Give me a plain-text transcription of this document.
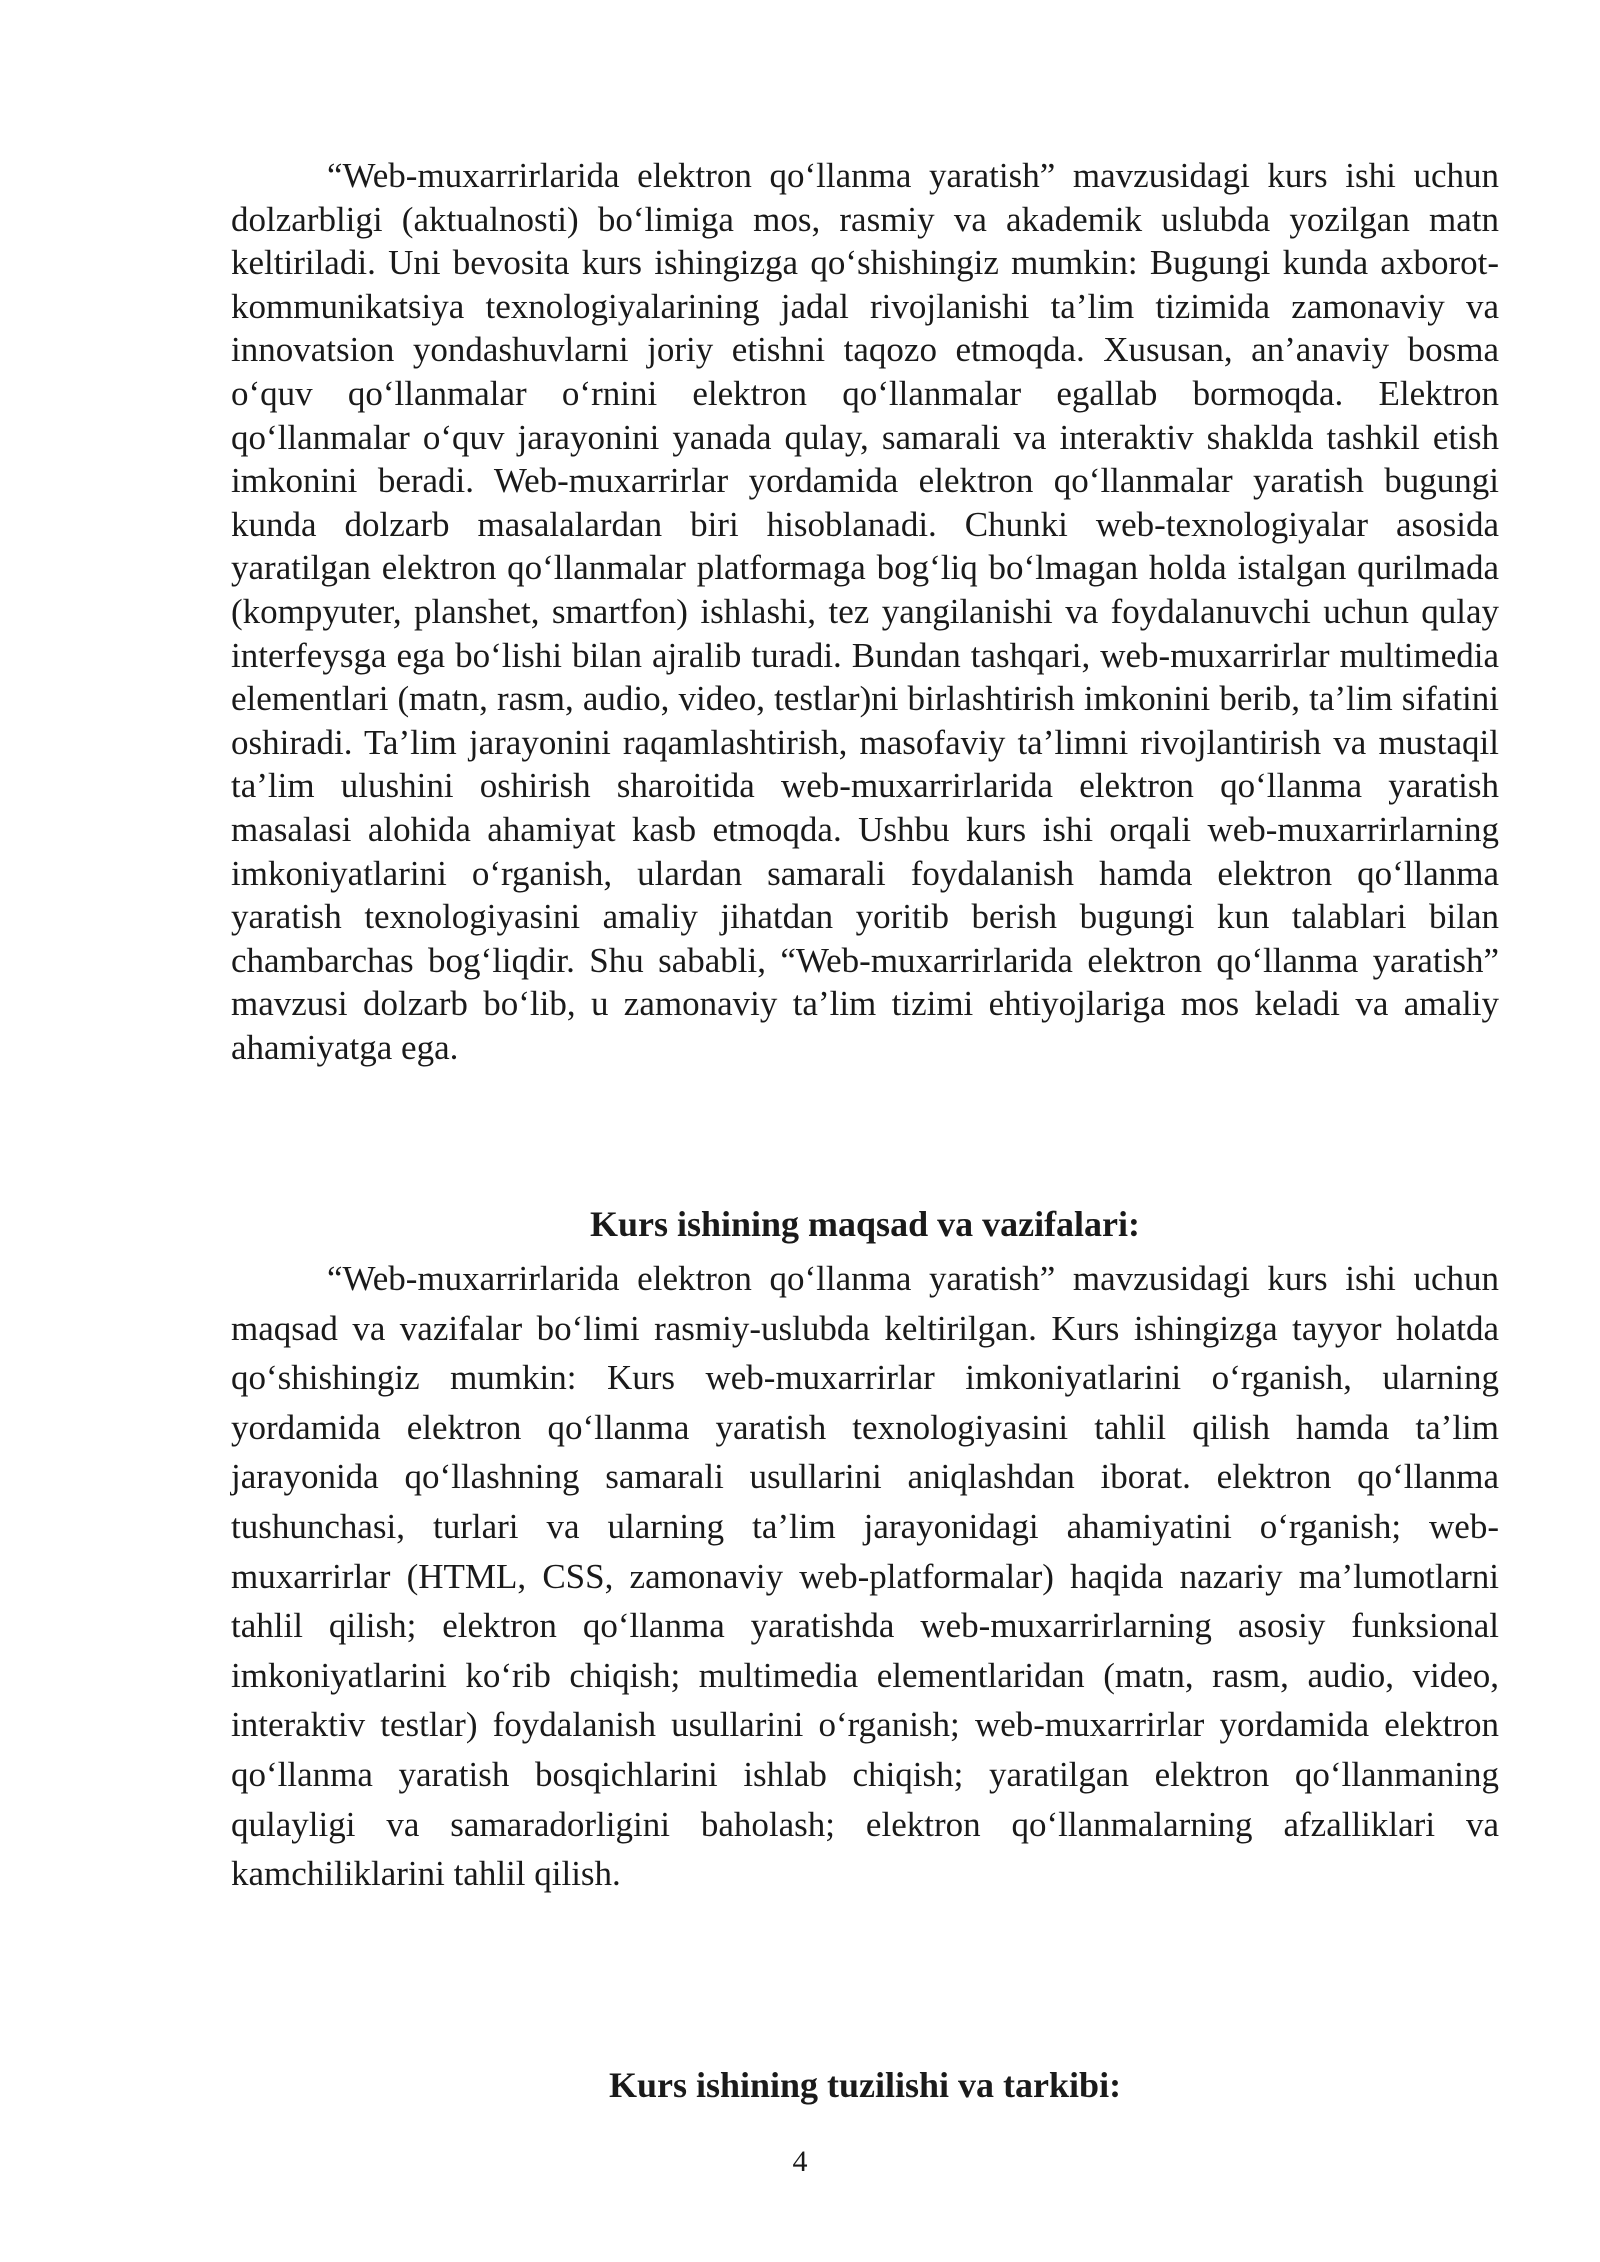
“Web-muxarrirlarida elektron qo‘llanma yaratish” mavzusidagi kurs ishi uchun dolzarbligi (aktualnosti) bo‘limiga mos, rasmiy va akademik uslubda yozilgan matn keltiriladi. Uni bevosita kurs ishingizga qo‘shishingiz mumkin: Bugungi kunda axborot-kommunikatsiya texnologiyalarining jadal rivojlanishi ta’lim tizimida zamonaviy va innovatsion yondashuvlarni joriy etishni taqozo etmoqda. Xususan, an’anaviy bosma o‘quv qo‘llanmalar o‘rnini elektron qo‘llanmalar egallab bormoqda. Elektron qo‘llanmalar o‘quv jarayonini yanada qulay, samarali va interaktiv shaklda tashkil etish imkonini beradi. Web-muxarrirlar yordamida elektron qo‘llanmalar yaratish bugungi kunda dolzarb masalalardan biri hisoblanadi. Chunki web-texnologiyalar asosida yaratilgan elektron qo‘llanmalar platformaga bog‘liq bo‘lmagan holda istalgan qurilmada (kompyuter, planshet, smartfon) ishlashi, tez yangilanishi va foydalanuvchi uchun qulay interfeysga ega bo‘lishi bilan ajralib turadi. Bundan tashqari, web-muxarrirlar multimedia elementlari (matn, rasm, audio, video, testlar)ni birlashtirish imkonini berib, ta’lim sifatini oshiradi. Ta’lim jarayonini raqamlashtirish, masofaviy ta’limni rivojlantirish va mustaqil ta’lim ulushini oshirish sharoitida web-muxarrirlarida elektron qo‘llanma yaratish masalasi alohida ahamiyat kasb etmoqda. Ushbu kurs ishi orqali web-muxarrirlarning imkoniyatlarini o‘rganish, ulardan samarali foydalanish hamda elektron qo‘llanma yaratish texnologiyasini amaliy jihatdan yoritib berish bugungi kun talablari bilan chambarchas bog‘liqdir. Shu sababli, “Web-muxarrirlarida elektron qo‘llanma yaratish” mavzusi dolzarb bo‘lib, u zamonaviy ta’lim tizimi ehtiyojlariga mos keladi va amaliy ahamiyatga ega.

Kurs ishining maqsad va vazifalari:

“Web-muxarrirlarida elektron qo‘llanma yaratish” mavzusidagi kurs ishi uchun maqsad va vazifalar bo‘limi rasmiy-uslubda keltirilgan. Kurs ishingizga tayyor holatda qo‘shishingiz mumkin: Kurs web-muxarrirlar imkoniyatlarini o‘rganish, ularning yordamida elektron qo‘llanma yaratish texnologiyasini tahlil qilish hamda ta’lim jarayonida qo‘llashning samarali usullarini aniqlashdan iborat. elektron qo‘llanma tushunchasi, turlari va ularning ta’lim jarayonidagi ahamiyatini o‘rganish; web-muxarrirlar (HTML, CSS, zamonaviy web-platformalar) haqida nazariy ma’lumotlarni tahlil qilish; elektron qo‘llanma yaratishda web-muxarrirlarning asosiy funksional imkoniyatlarini ko‘rib chiqish; multimedia elementlaridan (matn, rasm, audio, video, interaktiv testlar) foydalanish usullarini o‘rganish; web-muxarrirlar yordamida elektron qo‘llanma yaratish bosqichlarini ishlab chiqish; yaratilgan elektron qo‘llanmaning qulayligi va samaradorligini baholash; elektron qo‘llanmalarning afzalliklari va kamchiliklarini tahlil qilish.

Kurs ishining tuzilishi va tarkibi:

4
